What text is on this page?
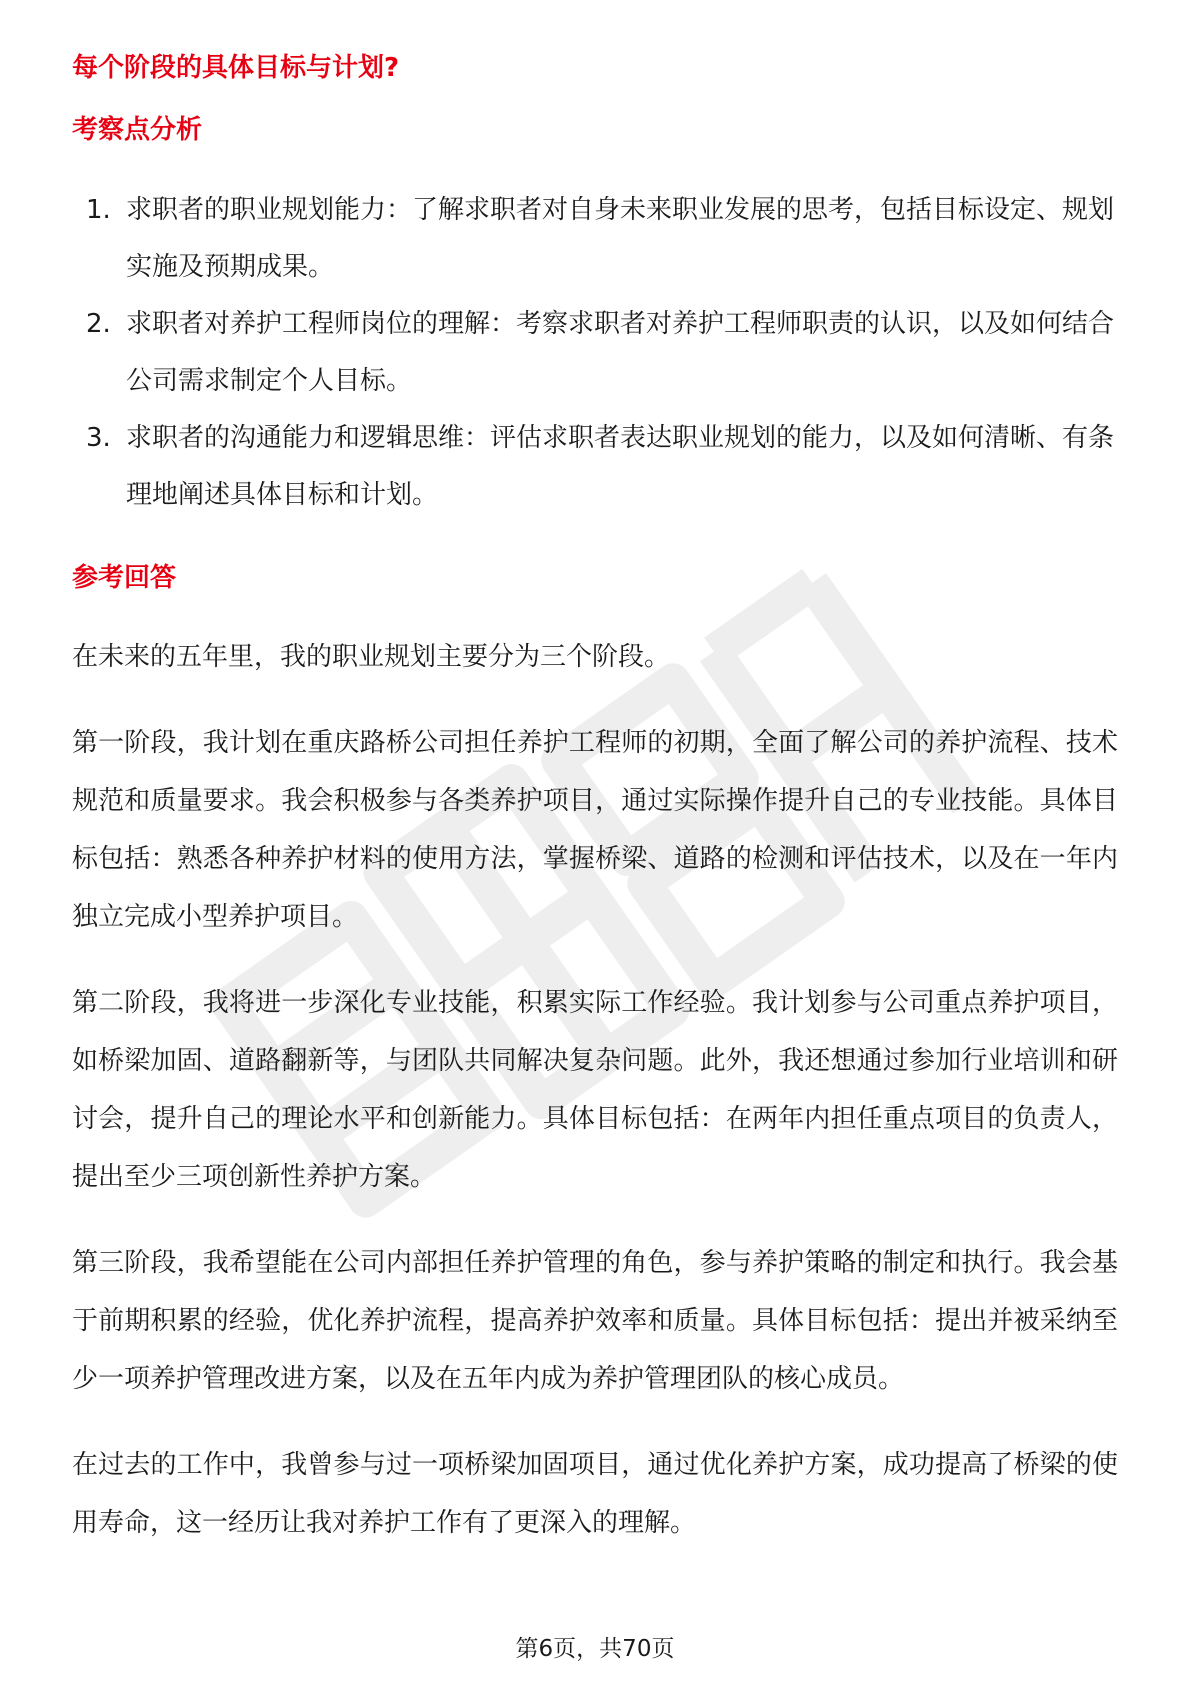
每个阶段的具体目标与计划?
考察点分析
1. 求职者的职业规划能力：了解求职者对自身未来职业发展的思考，包括目标设定、规划实施及预期成果。
2. 求职者对养护工程师岗位的理解：考察求职者对养护工程师职责的认识，以及如何结合公司需求制定个人目标。
3. 求职者的沟通能力和逻辑思维：评估求职者表达职业规划的能力，以及如何清晰、有条理地阐述具体目标和计划。
参考回答

在未来的五年里，我的职业规划主要分为三个阶段。

第一阶段，我计划在重庆路桥公司担任养护工程师的初期，全面了解公司的养护流程、技术规范和质量要求。我会积极参与各类养护项目，通过实际操作提升自己的专业技能。具体目标包括：熟悉各种养护材料的使用方法，掌握桥梁、道路的检测和评估技术，以及在一年内独立完成小型养护项目。

第二阶段，我将进一步深化专业技能，积累实际工作经验。我计划参与公司重点养护项目，如桥梁加固、道路翻新等，与团队共同解决复杂问题。此外，我还想通过参加行业培训和研讨会，提升自己的理论水平和创新能力。具体目标包括：在两年内担任重点项目的负责人，提出至少三项创新性养护方案。

第三阶段，我希望能在公司内部担任养护管理的角色，参与养护策略的制定和执行。我会基于前期积累的经验，优化养护流程，提高养护效率和质量。具体目标包括：提出并被采纳至少一项养护管理改进方案，以及在五年内成为养护管理团队的核心成员。

在过去的工作中，我曾参与过一项桥梁加固项目，通过优化养护方案，成功提高了桥梁的使用寿命，这一经历让我对养护工作有了更深入的理解。

第6页，共70页
